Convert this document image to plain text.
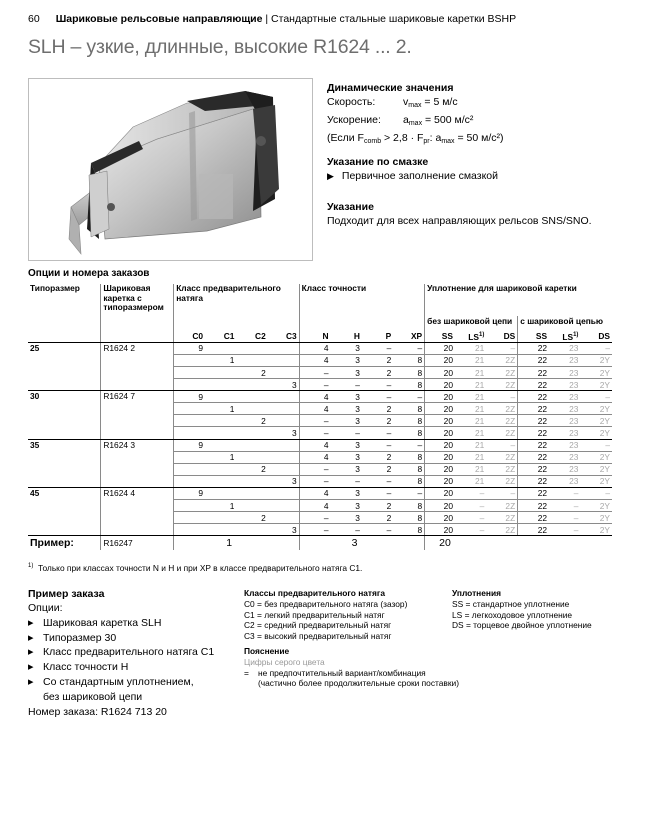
60 Шариковые рельсовые направляющие | Стандартные стальные шариковые каретки BSHP
SLH – узкие, длинные, высокие R1624 ... 2.
Динамические значения
Скорость:	$v_{max} = 5$ м/с
Ускорение: $a_{max} = 500$ м/с²
(Если $F_{comb} > 2,8 \cdot F_{pr}$: $a_{max} = 50$ м/с²)
Указание по смазке
▶ Первичное заполнение смазкой
Указание
Подходит для всех направляющих рельсов SNS/SNO.
Опции и номера заказов
Типоразмер	Шариковая каретка с типоразмером	Класс предварительного натяга				Класс точности				Уплотнение для шариковой каретки					
										без шариковой цепи			с шариковой цепью		
		C0	C1	C2	C3	N	H	P	XP	SS	LS$^{1)}$	DS	SS	LS$^{1)}$	DS
25	R1624 2	9				4	3	–	–	20	21	–	22	23	–
			1			4	3	2	8	20	21	2Z	22	23	2Y
				2		–	3	2	8	20	21	2Z	22	23	2Y
					3	–	–	–	8	20	21	2Z	22	23	2Y
30	R1624 7	9				4	3	–	–	20	21	–	22	23	–
			1			4	3	2	8	20	21	2Z	22	23	2Y
				2		–	3	2	8	20	21	2Z	22	23	2Y
					3	–	–	–	8	20	21	2Z	22	23	2Y
35	R1624 3	9				4	3	–	–	20	21	–	22	23	–
			1			4	3	2	8	20	21	2Z	22	23	2Y
				2		–	3	2	8	20	21	2Z	22	23	2Y
					3	–	–	–	8	20	21	2Z	22	23	2Y
45	R1624 4	9				4	3	–	–	20	–	–	22	–	–
			1			4	3	2	8	20	–	2Z	22	–	2Y
				2		–	3	2	8	20	–	2Z	22	–	2Y
					3	–	–	–	8	20	–	2Z	22	–	2Y
Пример:	R16247	1				3				20					
$^{1)}$ Только при классах точности N и H и при XP в классе предварительного натяга C1.
Пример заказа
Опции:
▸ Шариковая каретка SLH
▸ Типоразмер 30
▸ Класс предварительного натяга C1
▸ Класс точности H
▸ Со стандартным уплотнением,
без шариковой цепи
Номер заказа: R1624 713 20
Классы предварительного натяга
C0 = без предварительного натяга (зазор)
C1 = легкий предварительный натяг
C2 = средний предварительный натяг
C3 = высокий предварительный натяг
Уплотнения
SS = стандартное уплотнение
LS = легкоходовое уплотнение
DS = торцевое двойное уплотнение
Пояснение
Цифры серого цвета
= не предпочтительный вариант/комбинация
(частично более продолжительные сроки поставки)
